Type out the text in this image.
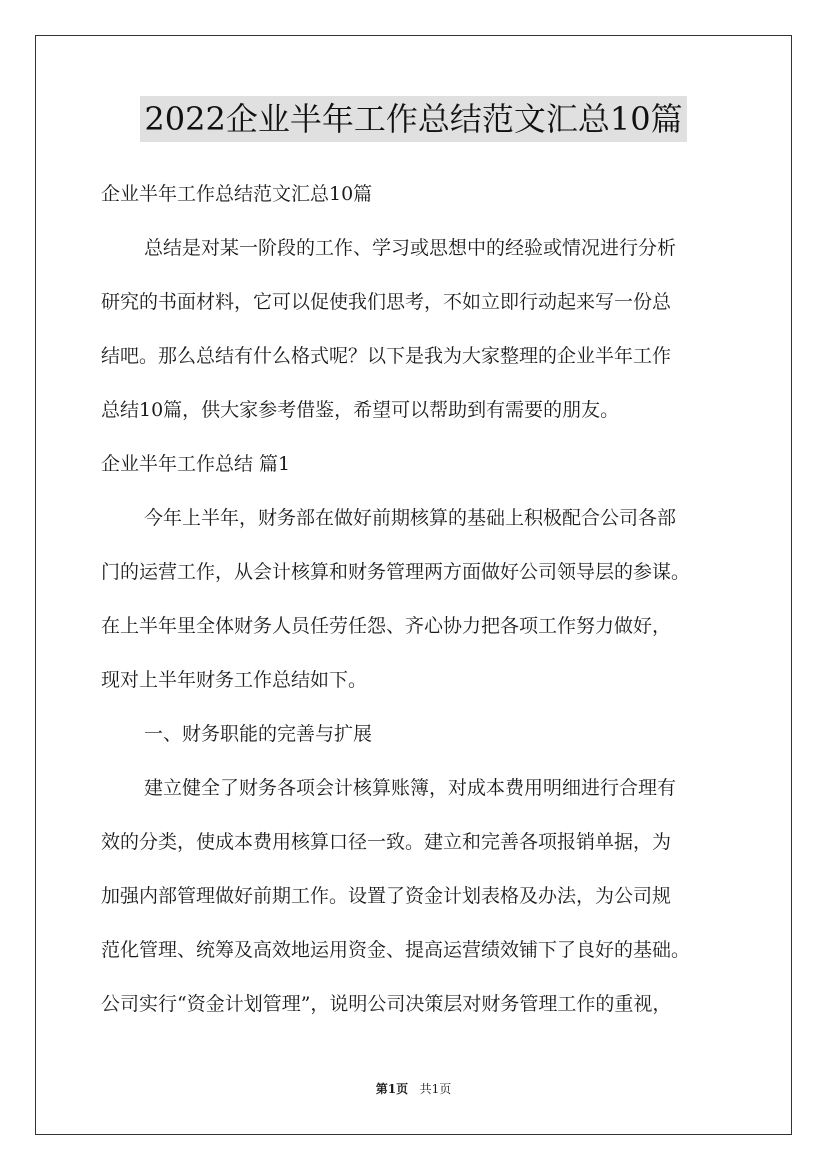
2022企业半年工作总结范文汇总10篇
企业半年工作总结范文汇总10篇
总结是对某一阶段的工作、学习或思想中的经验或情况进行分析
研究的书面材料，它可以促使我们思考，不如立即行动起来写一份总
结吧。那么总结有什么格式呢？以下是我为大家整理的企业半年工作
总结10篇，供大家参考借鉴，希望可以帮助到有需要的朋友。
企业半年工作总结 篇1
今年上半年，财务部在做好前期核算的基础上积极配合公司各部
门的运营工作，从会计核算和财务管理两方面做好公司领导层的参谋。
在上半年里全体财务人员任劳任怨、齐心协力把各项工作努力做好，
现对上半年财务工作总结如下。
一、财务职能的完善与扩展
建立健全了财务各项会计核算账簿，对成本费用明细进行合理有
效的分类，使成本费用核算口径一致。建立和完善各项报销单据，为
加强内部管理做好前期工作。设置了资金计划表格及办法，为公司规
范化管理、统筹及高效地运用资金、提高运营绩效铺下了良好的基础。
公司实行“资金计划管理”，说明公司决策层对财务管理工作的重视，
第1页 共1页
